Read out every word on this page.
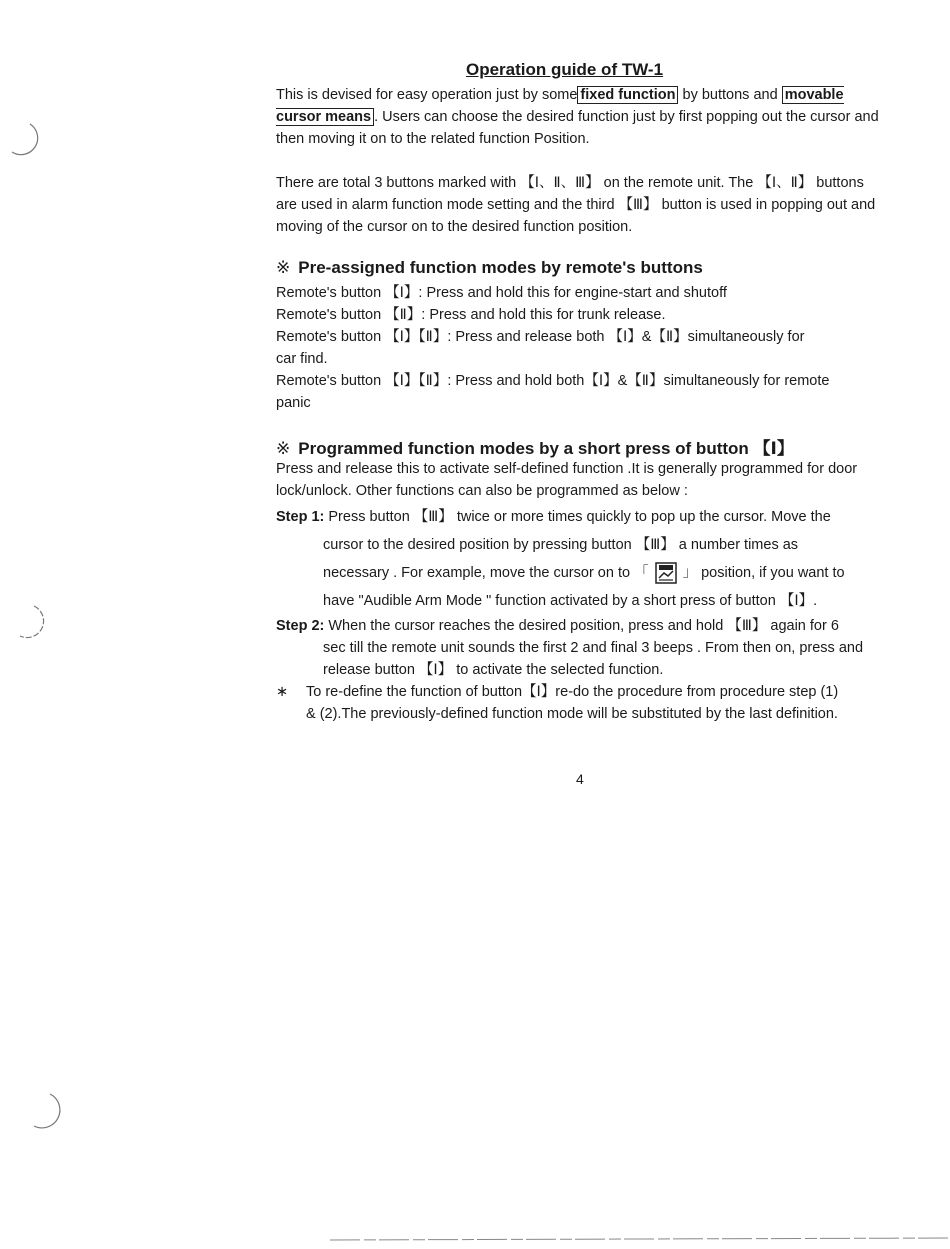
Operation guide of TW-1

This is devised for easy operation just by some fixed function by buttons and movable cursor means . Users can choose the desired function just by first popping out the cursor and then moving it on to the related function Position.

There are total 3 buttons marked with 【Ⅰ、Ⅱ、Ⅲ】 on the remote unit. The 【Ⅰ、Ⅱ】 buttons are used in alarm function mode setting and the third 【Ⅲ】 button is used in popping out and moving of the cursor on to the desired function position.

※ Pre-assigned function modes by remote's buttons
Remote's button 【Ⅰ】: Press and hold this for engine-start and shutoff
Remote's button 【Ⅱ】: Press and hold this for trunk release.
Remote's button 【Ⅰ】【Ⅱ】: Press and release both 【Ⅰ】&【Ⅱ】simultaneously for
car find.
Remote's button 【Ⅰ】【Ⅱ】: Press and hold both【Ⅰ】&【Ⅱ】simultaneously for remote
panic
※ Programmed function modes by a short press of button 【Ⅰ】

Press and release this to activate self-defined function .It is generally programmed for door lock/unlock. Other functions can also be programmed as below :

Step 1: Press button 【Ⅲ】 twice or more times quickly to pop up the cursor. Move the
cursor to the desired position by pressing button 【Ⅲ】 a number times as
necessary . For example, move the cursor on to 「 」 position, if you want to
have "Audible Arm Mode " function activated by a short press of button 【Ⅰ】.
Step 2: When the cursor reaches the desired position, press and hold 【Ⅲ】 again for 6
sec till the remote unit sounds the first 2 and final 3 beeps . From then on, press and release button 【Ⅰ】 to activate the selected function.
∗ To re-define the function of button【Ⅰ】re-do the procedure from procedure step (1)
& (2).The previously-defined function mode will be substituted by the last definition.
4
